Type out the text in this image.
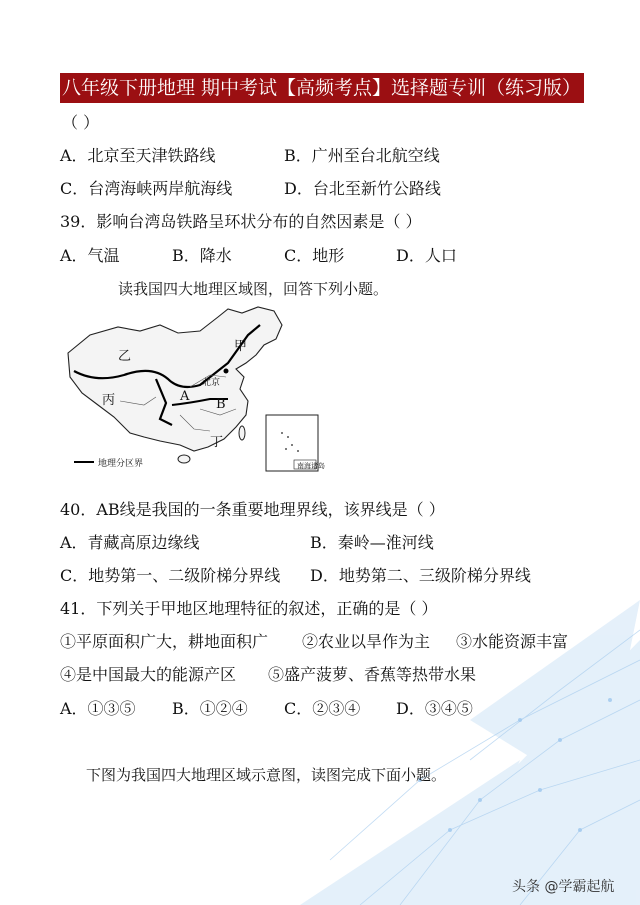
八年级下册地理 期中考试【高频考点】选择题专训（练习版）
（ ）
A．北京至天津铁路线	B．广州至台北航空线
C．台湾海峡两岸航海线	D．台北至新竹公路线
39．影响台湾岛铁路呈环状分布的自然因素是（ ）
A．气温	B．降水	C．地形	D．人口
读我国四大地理区域图，回答下列小题。
甲
乙
丙
丁
A
B
北京
地理分区界	南海诸岛
40．AB线是我国的一条重要地理界线，该界线是（ ）
A．青藏高原边缘线	B．秦岭—淮河线
C．地势第一、二级阶梯分界线 D．地势第二、三级阶梯分界线
41．下列关于甲地区地理特征的叙述，正确的是（ ）
①平原面积广大，耕地面积广 ②农业以旱作为主 ③水能资源丰富
④是中国最大的能源产区 ⑤盛产菠萝、香蕉等热带水果
A．①③⑤ B．①②④ C．②③④ D．③④⑤
下图为我国四大地理区域示意图，读图完成下面小题。
头条 @学霸起航
